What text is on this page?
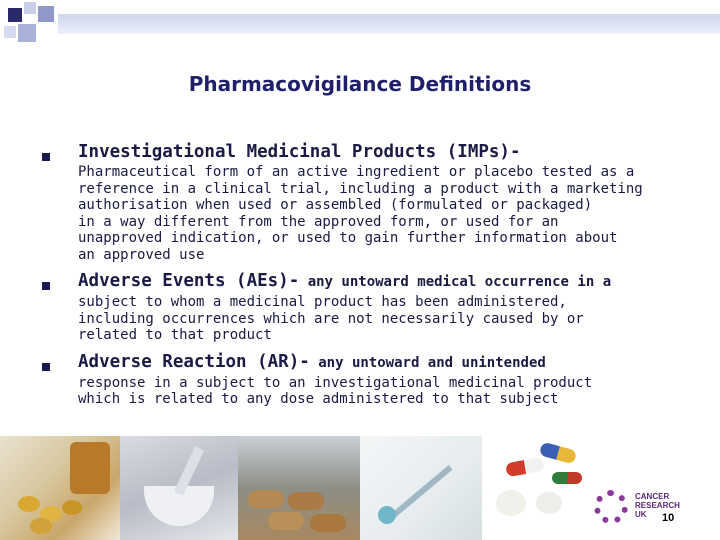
Pharmacovigilance Definitions
Investigational Medicinal Products (IMPs)-
Pharmaceutical form of an active ingredient or placebo tested as a
reference in a clinical trial, including a product with a marketing
authorisation when used or assembled (formulated or packaged)
in a way different from the approved form, or used for an
unapproved indication, or used to gain further information about
an approved use
Adverse Events (AEs)- any untoward medical occurrence in a
subject to whom a medicinal product has been administered,
including occurrences which are not necessarily caused by or
related to that product
Adverse Reaction (AR)- any untoward and unintended
response in a subject to an investigational medicinal product
which is related to any dose administered to that subject
CANCER
RESEARCH
UK	10
